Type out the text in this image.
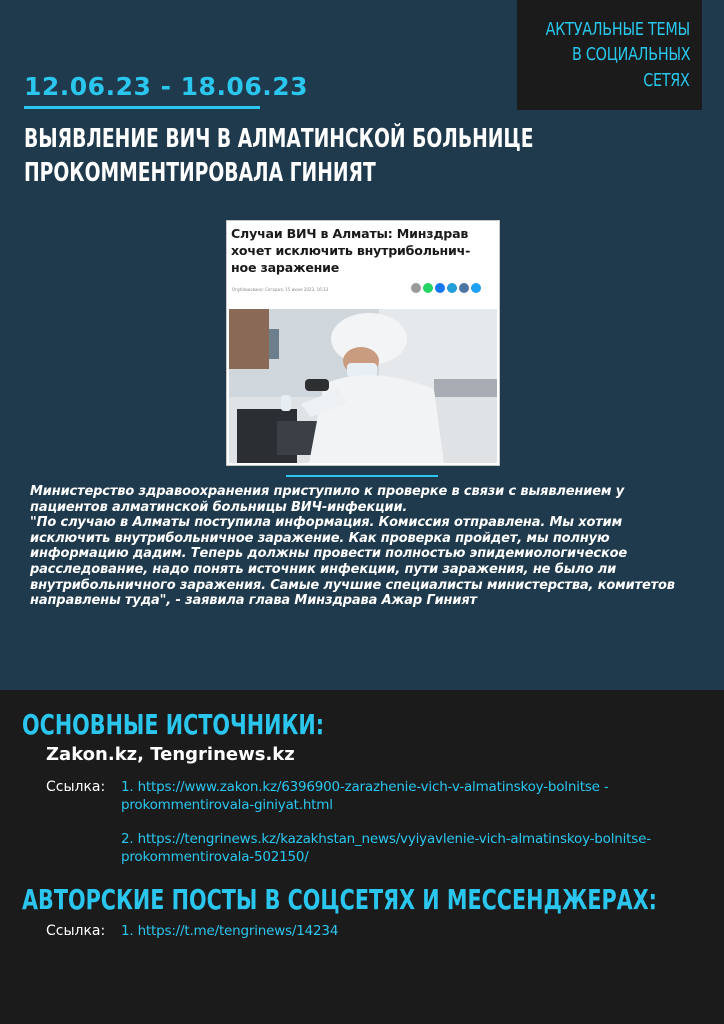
АКТУАЛЬНЫЕ ТЕМЫ
В СОЦИАЛЬНЫХ
СЕТЯХ
12.06.23 - 18.06.23
ВЫЯВЛЕНИЕ ВИЧ В АЛМАТИНСКОЙ БОЛЬНИЦЕ
ПРОКОММЕНТИРОВАЛА ГИНИЯТ
Случаи ВИЧ в Алматы: Минздрав хочет исключить внутрибольнич-ное заражение
Опубликовано: Сегодня, 15 июня 2023, 16:33

Министерство здравоохранения приступило к проверке в связи с выявлением у пациентов алматинской больницы ВИЧ-инфекции.

"По случаю в Алматы поступила информация. Комиссия отправлена. Мы хотим исключить внутрибольничное заражение. Как проверка пройдет, мы полную информацию дадим. Теперь должны провести полностью эпидемиологическое расследование, надо понять источник инфекции, пути заражения, не было ли внутрибольничного заражения. Самые лучшие специалисты министерства, комитетов направлены туда", - заявила глава Минздрава Ажар Гиният

ОСНОВНЫЕ ИСТОЧНИКИ:
Zakon.kz, Tengrinews.kz
Ссылка: 1. https://www.zakon.kz/6396900-zarazhenie-vich-v-almatinskoy-bolnitse -prokommentirovala-giniyat.html
2. https://tengrinews.kz/kazakhstan_news/vyiyavlenie-vich-almatinskoy-bolnitse-prokommentirovala-502150/
АВТОРСКИЕ ПОСТЫ В СОЦСЕТЯХ И МЕССЕНДЖЕРАХ:
Ссылка: 1. https://t.me/tengrinews/14234
